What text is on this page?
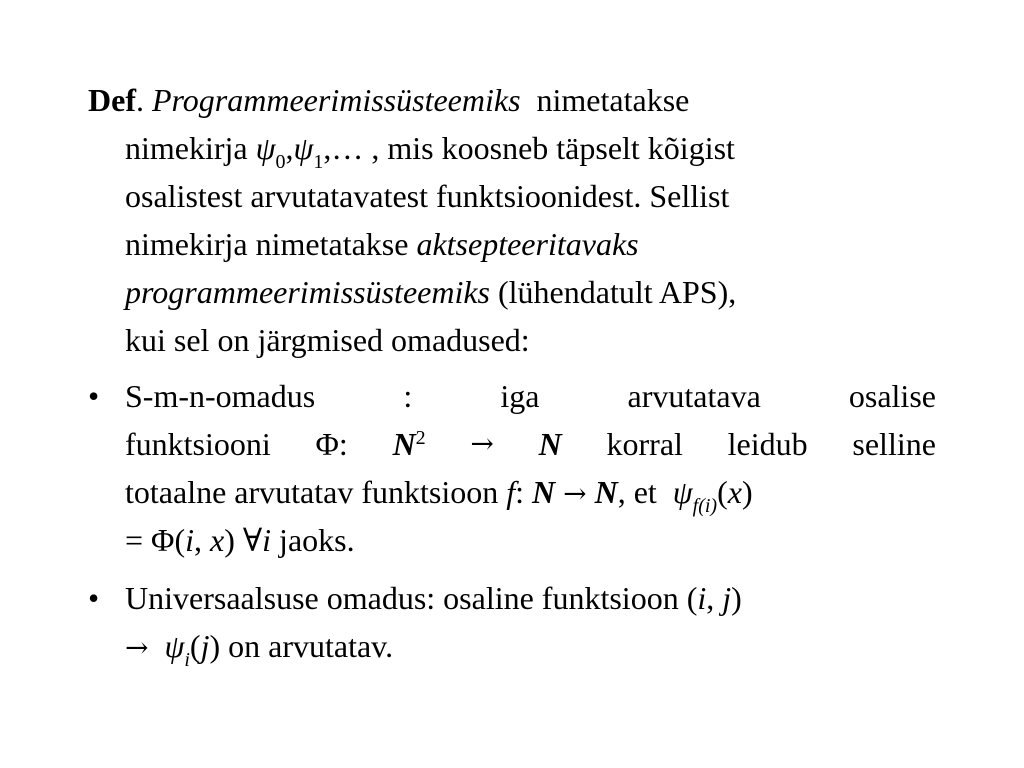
Def. Programmeerimissüsteemiks nimetatakse
nimekirja $\psi_0,\psi_1,\dots$ , mis koosneb täpselt kõigist
osalistest arvutatavatest funktsioonidest. Sellist
nimekirja nimetatakse aktsepteeritavaks
programmeerimissüsteemiks (lühendatult APS),
kui sel on järgmised omadused:
• S-m-n-omadus	:	iga	arvutatava	osalise
funktsiooni Φ: $N^2 \to N$ korral leidub selline
totaalne arvutatav funktsioon f: N → N, et $\psi_{f(i)}(x)$
= Φ(i, x) ∀i jaoks.
• Universaalsuse omadus: osaline funktsioon (i, j)
→ $\psi_i(j)$ on arvutatav.
